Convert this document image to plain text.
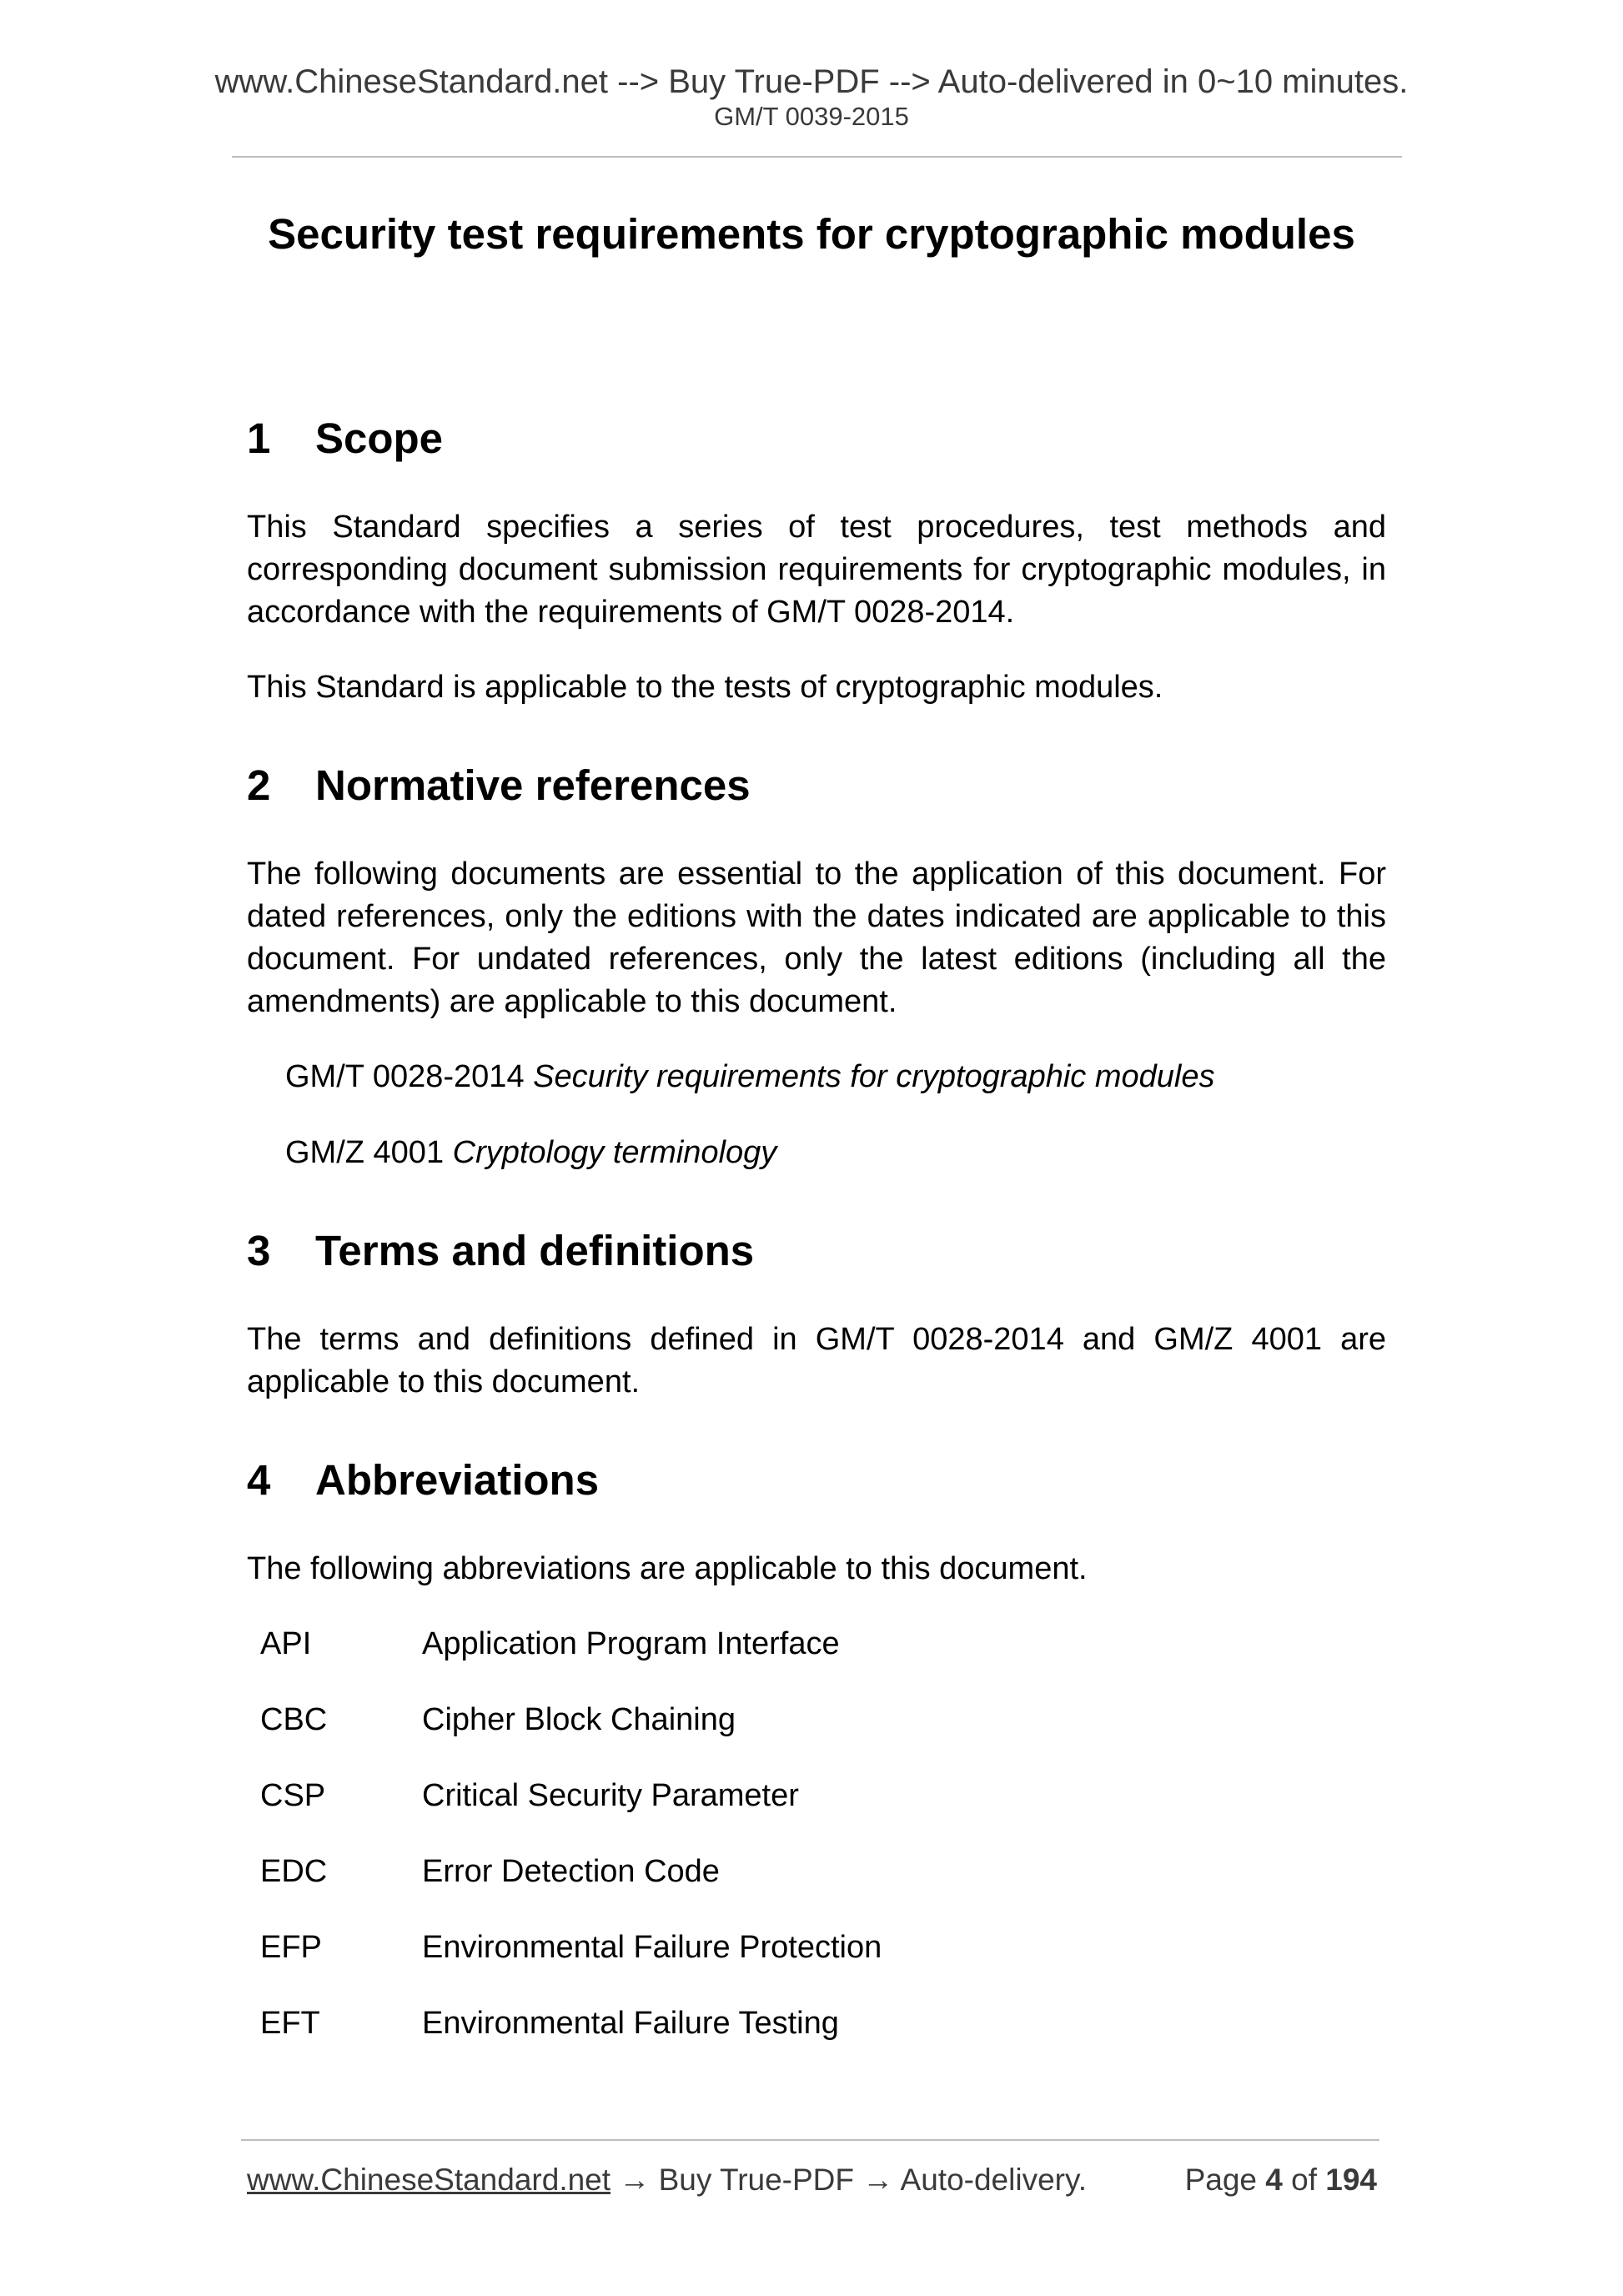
www.ChineseStandard.net --> Buy True-PDF --> Auto-delivered in 0~10 minutes.
GM/T 0039-2015
Security test requirements for cryptographic modules
1 Scope

This Standard specifies a series of test procedures, test methods and corresponding document submission requirements for cryptographic modules, in accordance with the requirements of GM/T 0028-2014.

This Standard is applicable to the tests of cryptographic modules.

2 Normative references

The following documents are essential to the application of this document. For dated references, only the editions with the dates indicated are applicable to this document. For undated references, only the latest editions (including all the amendments) are applicable to this document.

GM/T 0028-2014 Security requirements for cryptographic modules

GM/Z 4001 Cryptology terminology

3 Terms and definitions

The terms and definitions defined in GM/T 0028-2014 and GM/Z 4001 are applicable to this document.

4 Abbreviations

The following abbreviations are applicable to this document.

API	Application Program Interface
CBC	Cipher Block Chaining
CSP	Critical Security Parameter
EDC	Error Detection Code
EFP	Environmental Failure Protection
EFT	Environmental Failure Testing
www.ChineseStandard.net → Buy True-PDF → Auto-delivery.	Page 4 of 194
